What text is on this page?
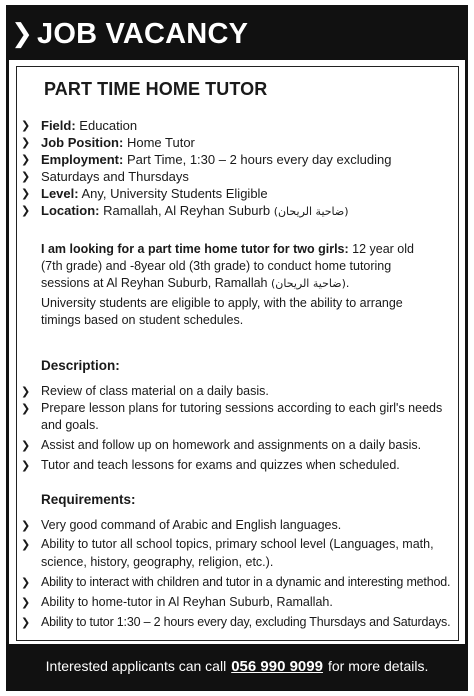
❯ JOB VACANCY
PART TIME HOME TUTOR
❯ Field: Education
❯ Job Position: Home Tutor
❯ Employment: Part Time, 1:30 – 2 hours every day excluding
❯ Saturdays and Thursdays
❯ Level: Any, University Students Eligible
❯ Location: Ramallah, Al Reyhan Suburb (ضاحية الريحان)
I am looking for a part time home tutor for two girls: 12 year old
(7th grade) and -8year old (3th grade) to conduct home tutoring
sessions at Al Reyhan Suburb, Ramallah (ضاحية الريحان).
University students are eligible to apply, with the ability to arrange
timings based on student schedules.
Description:
❯ Review of class material on a daily basis.
❯ Prepare lesson plans for tutoring sessions according to each girl's needs
and goals.
❯ Assist and follow up on homework and assignments on a daily basis.
❯ Tutor and teach lessons for exams and quizzes when scheduled.
Requirements:
❯ Very good command of Arabic and English languages.
❯ Ability to tutor all school topics, primary school level (Languages, math,
science, history, geography, religion, etc.).
❯ Ability to interact with children and tutor in a dynamic and interesting method.
❯ Ability to home-tutor in Al Reyhan Suburb, Ramallah.
❯ Ability to tutor 1:30 – 2 hours every day, excluding Thursdays and Saturdays.
Interested applicants can call 056 990 9099 for more details.
